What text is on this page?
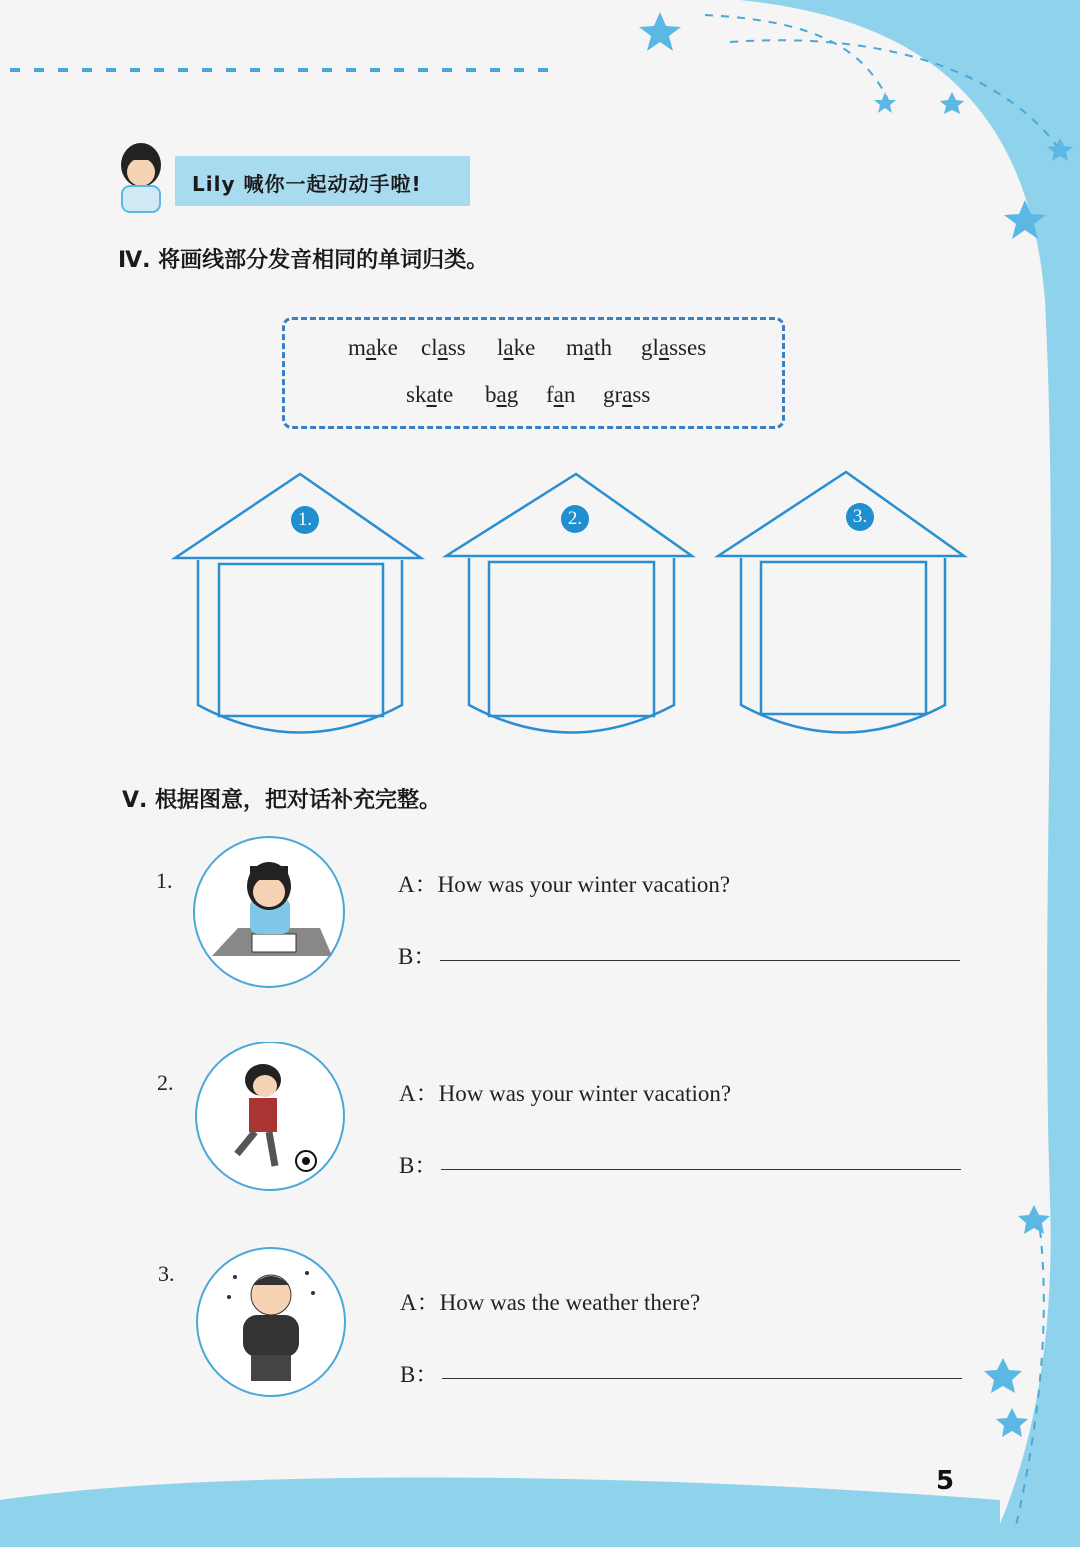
Lily 喊你一起动动手啦!
Ⅳ. 将画线部分发音相同的单词归类。
make class lake math glasses
skate bag fan grass
1.	2.	3.
Ⅴ. 根据图意，把对话补充完整。
1.	A：How was your winter vacation?
B：
2.	A：How was your winter vacation?
B：
3.
A：How was the weather there?
B：
5
